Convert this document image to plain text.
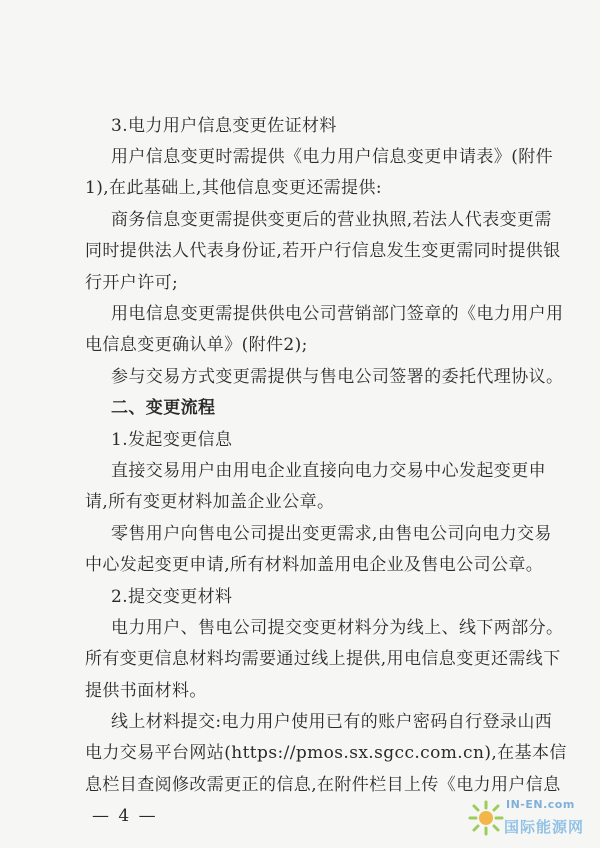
3.电力用户信息变更佐证材料
用户信息变更时需提供《电力用户信息变更申请表》(附件
1),在此基础上,其他信息变更还需提供:
商务信息变更需提供变更后的营业执照,若法人代表变更需
同时提供法人代表身份证,若开户行信息发生变更需同时提供银
行开户许可;
用电信息变更需提供供电公司营销部门签章的《电力用户用
电信息变更确认单》(附件2);
参与交易方式变更需提供与售电公司签署的委托代理协议。
二、变更流程
1.发起变更信息
直接交易用户由用电企业直接向电力交易中心发起变更申
请,所有变更材料加盖企业公章。
零售用户向售电公司提出变更需求,由售电公司向电力交易
中心发起变更申请,所有材料加盖用电企业及售电公司公章。
2.提交变更材料
电力用户、售电公司提交变更材料分为线上、线下两部分。
所有变更信息材料均需要通过线上提供,用电信息变更还需线下
提供书面材料。
线上材料提交:电力用户使用已有的账户密码自行登录山西
电力交易平台网站(https://pmos.sx.sgcc.com.cn),在基本信
息栏目查阅修改需更正的信息,在附件栏目上传《电力用户信息
— 4 —
IN-EN.com
国际能源网
